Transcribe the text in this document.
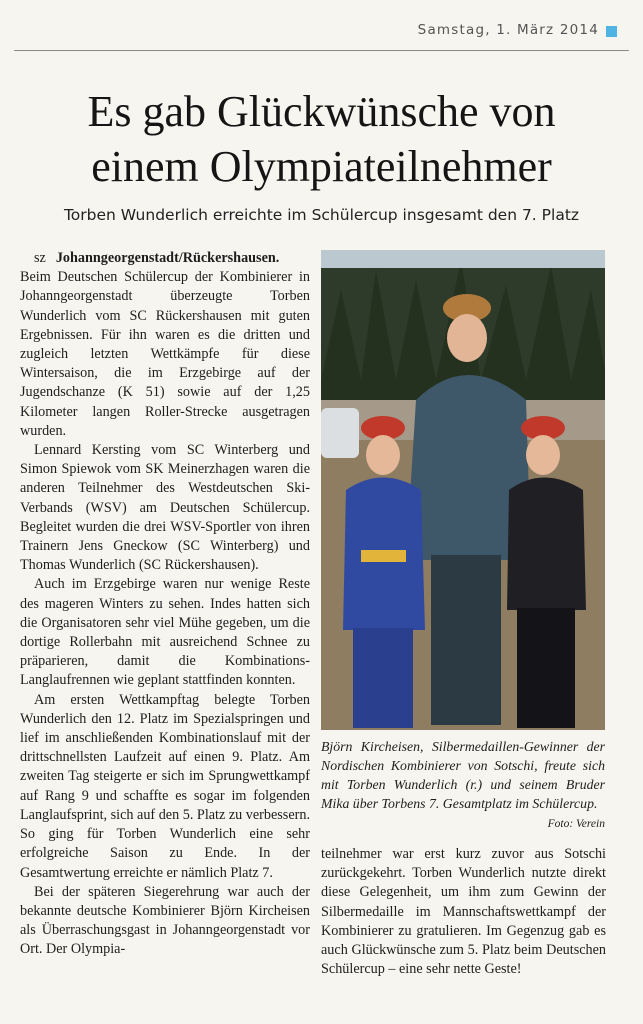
Samstag, 1. März 2014
Es gab Glückwünsche von
einem Olympiateilnehmer
Torben Wunderlich erreichte im Schülercup insgesamt den 7. Platz

sz Johanngeorgenstadt/Rückershausen. Beim Deutschen Schülercup der Kombinierer in Johanngeorgenstadt überzeugte Torben Wunderlich vom SC Rückershausen mit guten Ergebnissen. Für ihn waren es die dritten und zugleich letzten Wettkämpfe für diese Wintersaison, die im Erzgebirge auf der Jugendschanze (K 51) sowie auf der 1,25 Kilometer langen Roller-Strecke ausgetragen wurden.

Lennard Kersting vom SC Winterberg und Simon Spiewok vom SK Meinerzhagen waren die anderen Teilnehmer des Westdeutschen Ski-Verbands (WSV) am Deutschen Schülercup. Begleitet wurden die drei WSV-Sportler von ihren Trainern Jens Gneckow (SC Winterberg) und Thomas Wunderlich (SC Rückershausen).

Auch im Erzgebirge waren nur wenige Reste des mageren Winters zu sehen. Indes hatten sich die Organisatoren sehr viel Mühe gegeben, um die dortige Rollerbahn mit ausreichend Schnee zu präparieren, damit die Kombinations-Langlaufrennen wie geplant stattfinden konnten.

Am ersten Wettkampftag belegte Torben Wunderlich den 12. Platz im Spezialspringen und lief im anschließenden Kombinationslauf mit der drittschnellsten Laufzeit auf einen 9. Platz. Am zweiten Tag steigerte er sich im Sprungwettkampf auf Rang 9 und schaffte es sogar im folgenden Langlaufsprint, sich auf den 5. Platz zu verbessern. So ging für Torben Wunderlich eine sehr erfolgreiche Saison zu Ende. In der Gesamtwertung erreichte er nämlich Platz 7.

Bei der späteren Siegerehrung war auch der bekannte deutsche Kombinierer Björn Kircheisen als Überraschungsgast in Johanngeorgenstadt vor Ort. Der Olympia-

Björn Kircheisen, Silbermedaillen-Gewinner der Nordischen Kombinierer von Sotschi, freute sich mit Torben Wunderlich (r.) und seinem Bruder Mika über Torbens 7. Gesamtplatz im Schülercup.
Foto: Verein

teilnehmer war erst kurz zuvor aus Sotschi zurückgekehrt. Torben Wunderlich nutzte direkt diese Gelegenheit, um ihm zum Gewinn der Silbermedaille im Mannschaftswettkampf der Kombinierer zu gratulieren. Im Gegenzug gab es auch Glückwünsche zum 5. Platz beim Deutschen Schülercup – eine sehr nette Geste!
